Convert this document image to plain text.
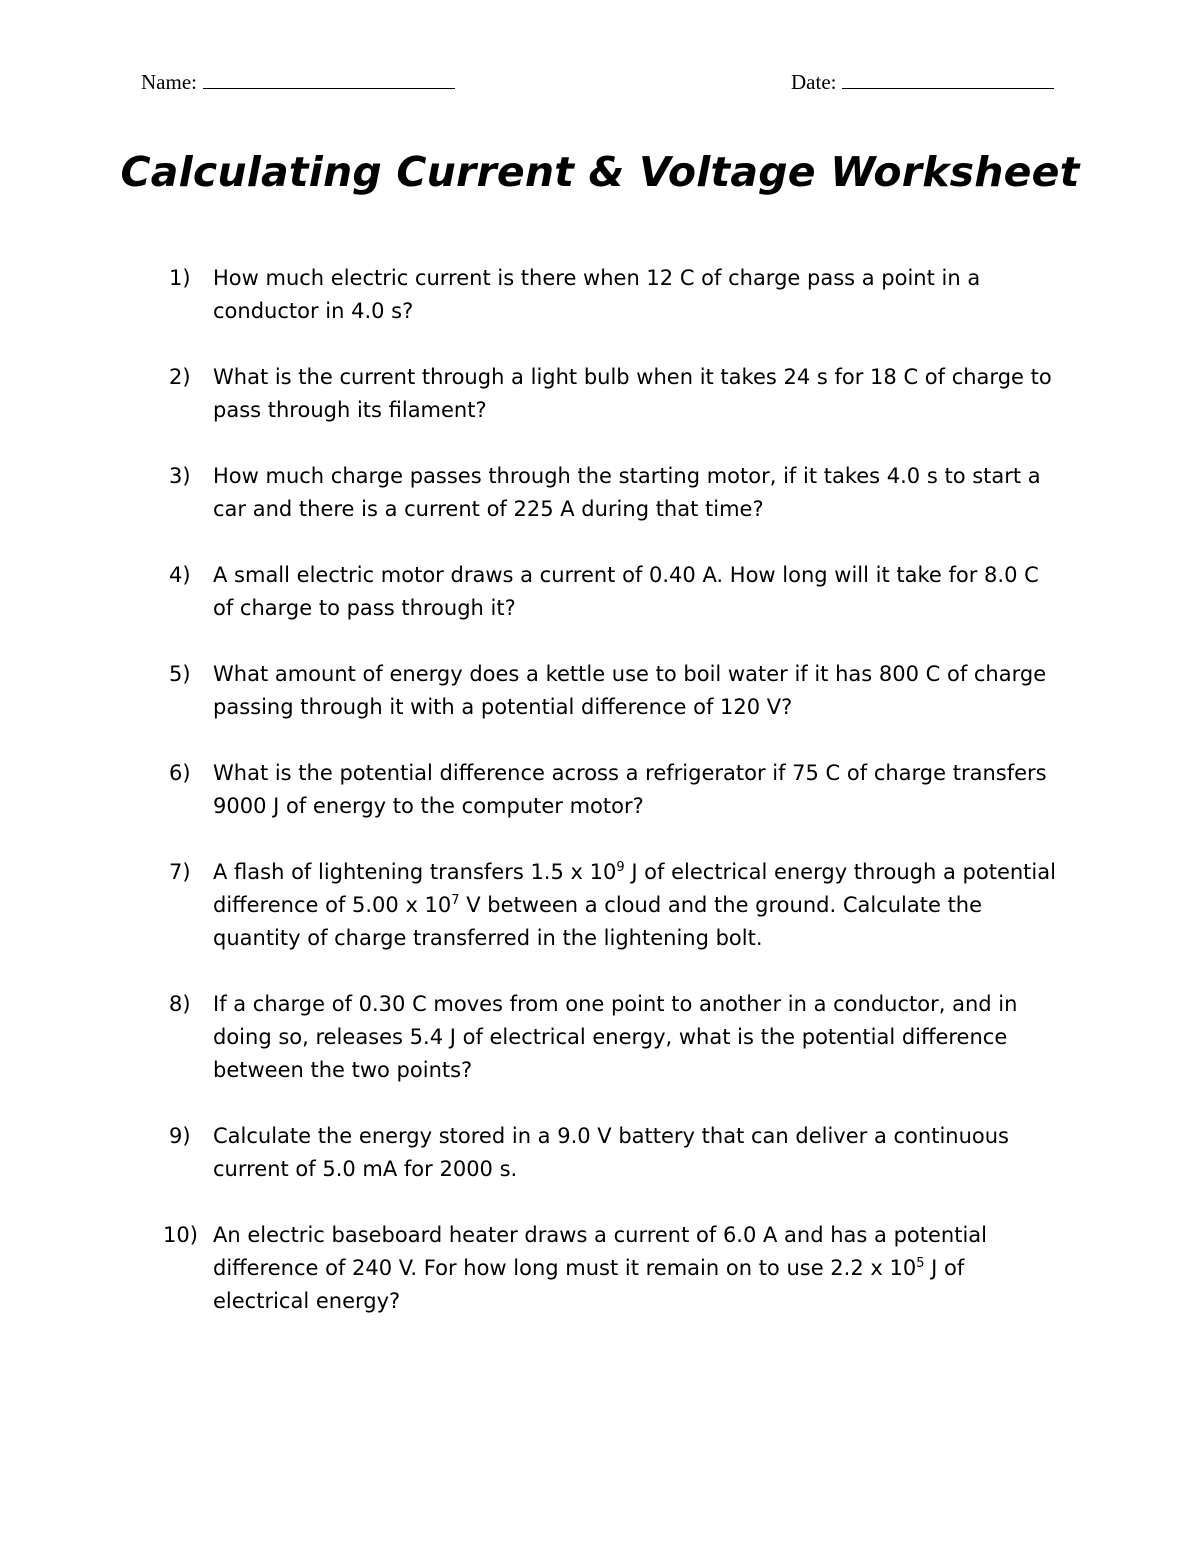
Name:	Date:
Calculating Current & Voltage Worksheet
1) How much electric current is there when 12 C of charge pass a point in a conductor in 4.0 s?
2) What is the current through a light bulb when it takes 24 s for 18 C of charge to pass through its filament?
3) How much charge passes through the starting motor, if it takes 4.0 s to start a car and there is a current of 225 A during that time?
4) A small electric motor draws a current of 0.40 A. How long will it take for 8.0 C of charge to pass through it?
5) What amount of energy does a kettle use to boil water if it has 800 C of charge passing through it with a potential difference of 120 V?
6) What is the potential difference across a refrigerator if 75 C of charge transfers 9000 J of energy to the computer motor?
7) A flash of lightening transfers 1.5 x $10^9$ J of electrical energy through a potential difference of 5.00 x $10^7$ V between a cloud and the ground. Calculate the quantity of charge transferred in the lightening bolt.
8) If a charge of 0.30 C moves from one point to another in a conductor, and in doing so, releases 5.4 J of electrical energy, what is the potential difference between the two points?
9) Calculate the energy stored in a 9.0 V battery that can deliver a continuous current of 5.0 mA for 2000 s.
10) An electric baseboard heater draws a current of 6.0 A and has a potential difference of 240 V. For how long must it remain on to use 2.2 x $10^5$ J of electrical energy?
